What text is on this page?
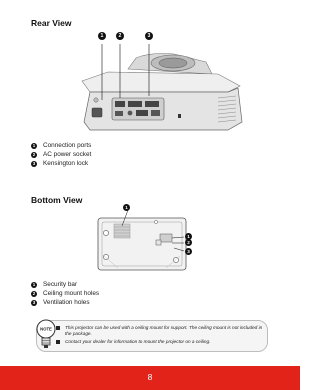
Rear View
1	2	3
1 Connection ports
2 AC power socket
3 Kensington lock
Bottom View
1
1
2
3
1 Security bar
2 Ceiling mount holes
3 Ventilation holes
NOTE	This projector can be used with a ceiling mount for support. The ceiling mount is not included in the package.
Contact your dealer for information to mount the projector on a ceiling.
8
